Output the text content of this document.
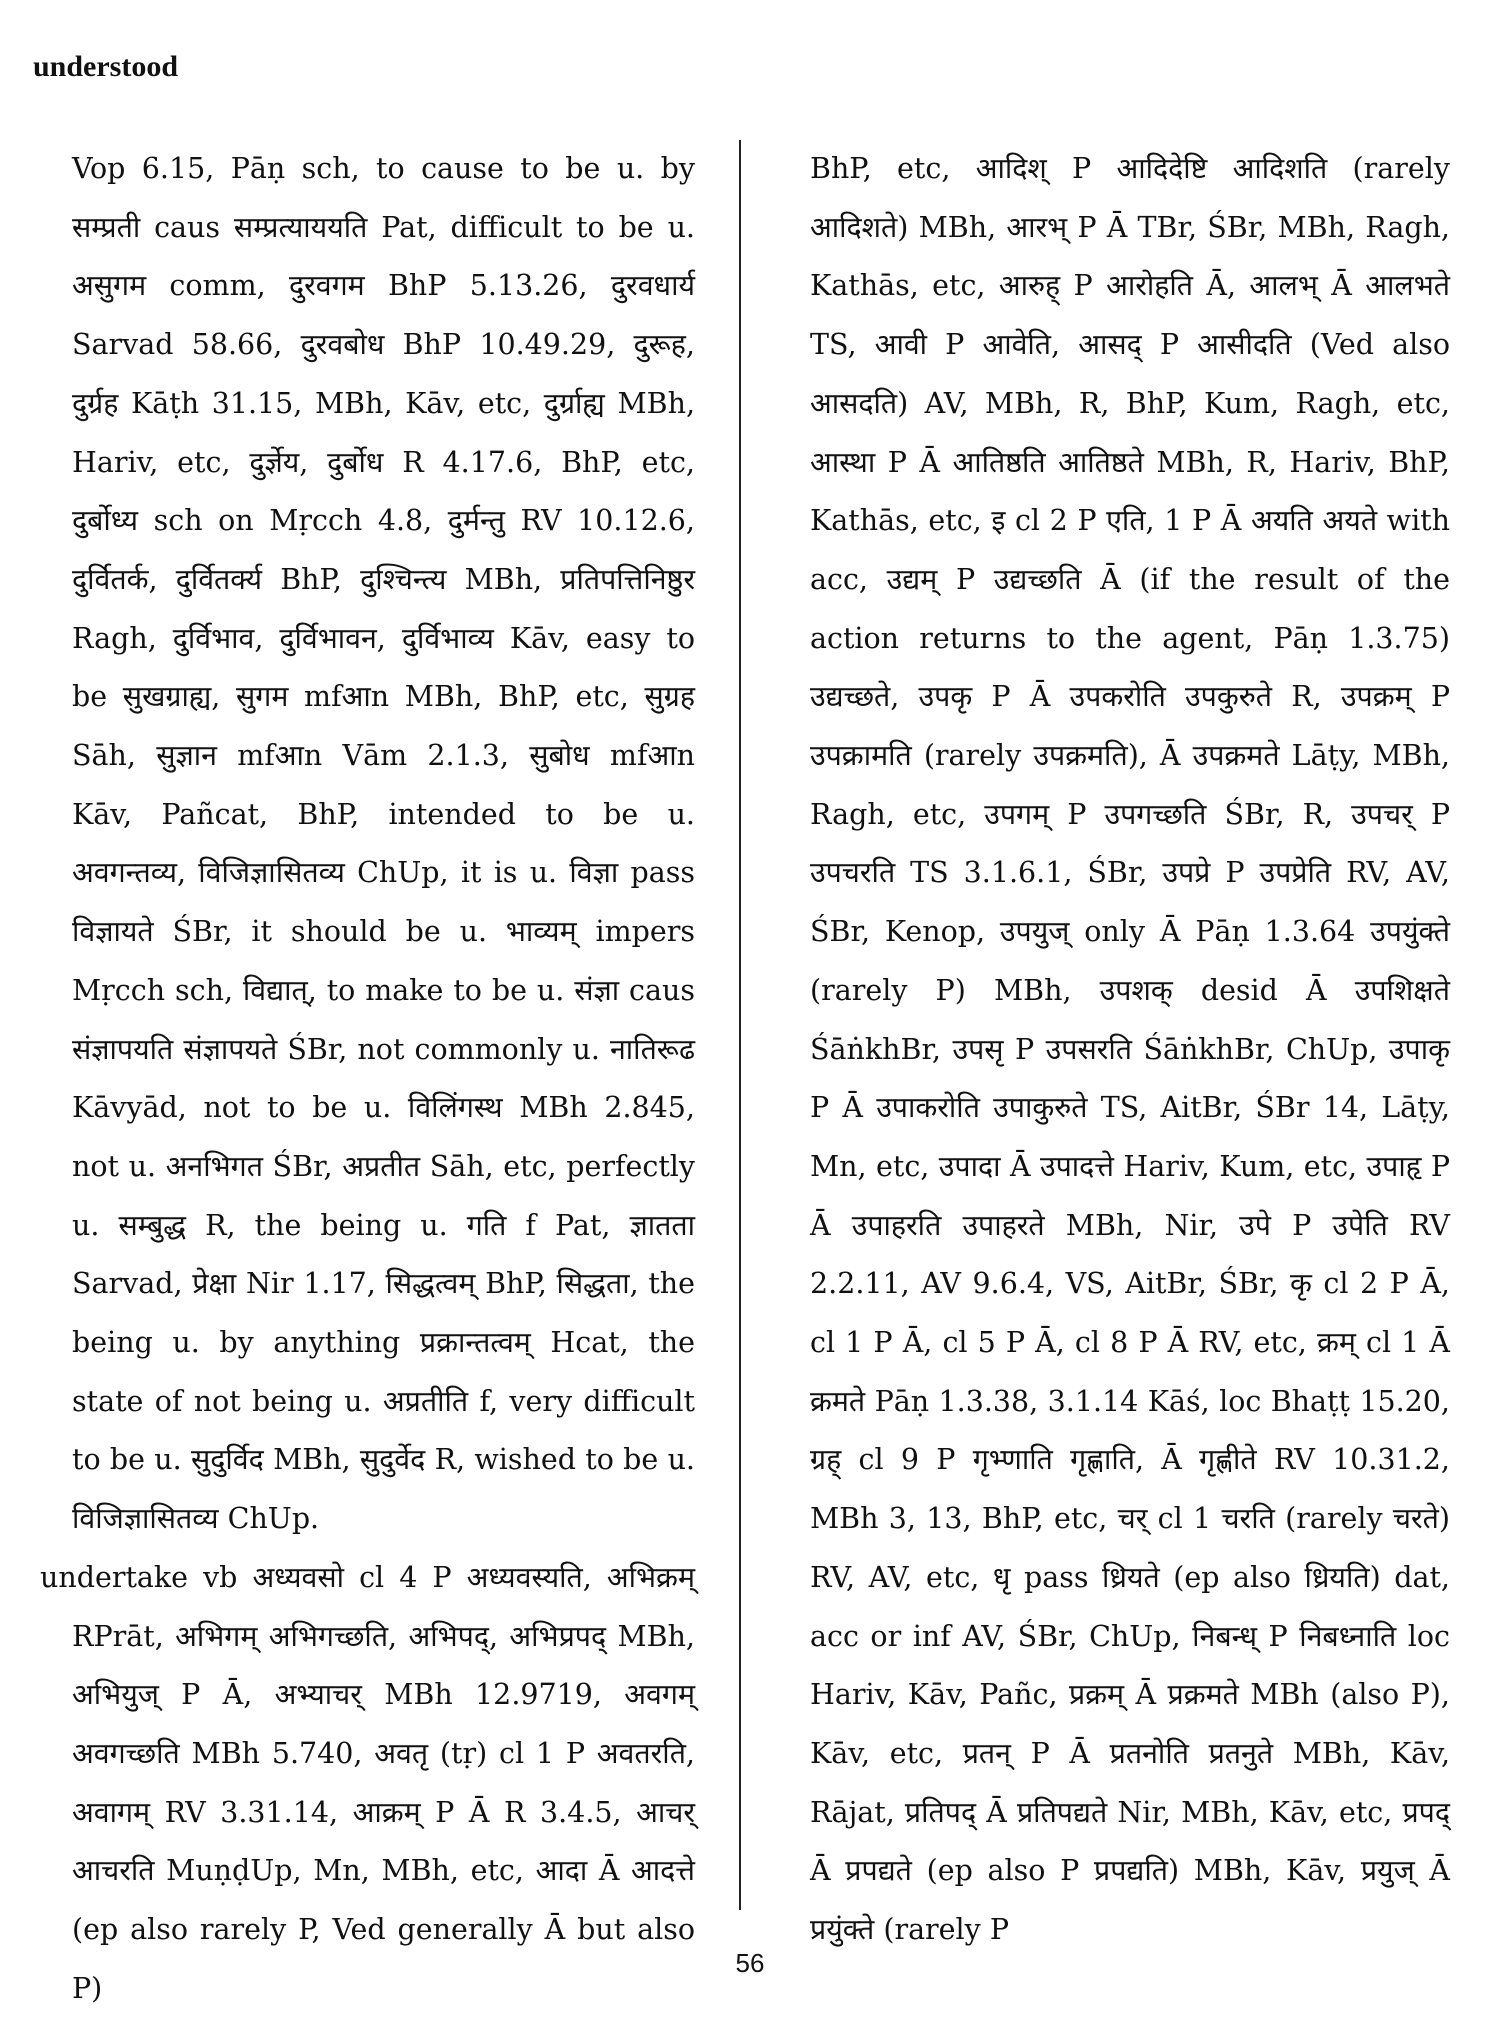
understood

Vop 6.15, Pāṇ sch, to cause to be u. by सम्प्रती caus सम्प्रत्याययति Pat, difficult to be u. असुगम comm, दुरवगम BhP 5.13.26, दुरवधार्य Sarvad 58.66, दुरवबोध BhP 10.49.29, दुरूह, दुर्ग्रह Kāṭh 31.15, MBh, Kāv, etc, दुर्ग्राह्य MBh, Hariv, etc, दुर्ज्ञेय, दुर्बोध R 4.17.6, BhP, etc, दुर्बोध्य sch on Mṛcch 4.8, दुर्मन्तु RV 10.12.6, दुर्वितर्क, दुर्वितर्क्य BhP, दुश्चिन्त्य MBh, प्रतिपत्तिनिष्ठुर Ragh, दुर्विभाव, दुर्विभावन, दुर्विभाव्य Kāv, easy to be सुखग्राह्य, सुगम mfआn MBh, BhP, etc, सुग्रह Sāh, सुज्ञान mfआn Vām 2.1.3, सुबोध mfआn Kāv, Pañcat, BhP, intended to be u. अवगन्तव्य, विजिज्ञासितव्य ChUp, it is u. विज्ञा pass विज्ञायते ŚBr, it should be u. भाव्यम् impers Mṛcch sch, विद्यात्, to make to be u. संज्ञा caus संज्ञापयति संज्ञापयते ŚBr, not commonly u. नातिरूढ Kāvyād, not to be u. विलिंगस्थ MBh 2.845, not u. अनभिगत ŚBr, अप्रतीत Sāh, etc, perfectly u. सम्बुद्ध R, the being u. गति f Pat, ज्ञातता Sarvad, प्रेक्षा Nir 1.17, सिद्धत्वम् BhP, सिद्धता, the being u. by anything प्रक्रान्तत्वम् Hcat, the state of not being u. अप्रतीति f, very difficult to be u. सुदुर्विद MBh, सुदुर्वेद R, wished to be u. विजिज्ञासितव्य ChUp.

undertake vb अध्यवसो cl 4 P अध्यवस्यति, अभिक्रम् RPrāt, अभिगम् अभिगच्छति, अभिपद्, अभिप्रपद् MBh, अभियुज् P Ā, अभ्याचर् MBh 12.9719, अवगम् अवगच्छति MBh 5.740, अवतृ (tṛ) cl 1 P अवतरति, अवागम् RV 3.31.14, आक्रम् P Ā R 3.4.5, आचर् आचरति MuṇḍUp, Mn, MBh, etc, आदा Ā आदत्ते (ep also rarely P, Ved generally Ā but also P)

BhP, etc, आदिश् P आदिदेष्टि आदिशति (rarely आदिशते) MBh, आरभ् P Ā TBr, ŚBr, MBh, Ragh, Kathās, etc, आरुह् P आरोहति Ā, आलभ् Ā आलभते TS, आवी P आवेति, आसद् P आसीदति (Ved also आसदति) AV, MBh, R, BhP, Kum, Ragh, etc, आस्था P Ā आतिष्ठति आतिष्ठते MBh, R, Hariv, BhP, Kathās, etc, इ cl 2 P एति, 1 P Ā अयति अयते with acc, उद्यम् P उद्यच्छति Ā (if the result of the action returns to the agent, Pāṇ 1.3.75) उद्यच्छते, उपकृ P Ā उपकरोति उपकुरुते R, उपक्रम् P उपक्रामति (rarely उपक्रमति), Ā उपक्रमते Lāṭy, MBh, Ragh, etc, उपगम् P उपगच्छति ŚBr, R, उपचर् P उपचरति TS 3.1.6.1, ŚBr, उपप्रे P उपप्रेति RV, AV, ŚBr, Kenop, उपयुज् only Ā Pāṇ 1.3.64 उपयुंक्ते (rarely P) MBh, उपशक् desid Ā उपशिक्षते ŚāṅkhBr, उपसृ P उपसरति ŚāṅkhBr, ChUp, उपाकृ P Ā उपाकरोति उपाकुरुते TS, AitBr, ŚBr 14, Lāṭy, Mn, etc, उपादा Ā उपादत्ते Hariv, Kum, etc, उपाहृ P Ā उपाहरति उपाहरते MBh, Nir, उपे P उपेति RV 2.2.11, AV 9.6.4, VS, AitBr, ŚBr, कृ cl 2 P Ā, cl 1 P Ā, cl 5 P Ā, cl 8 P Ā RV, etc, क्रम् cl 1 Ā क्रमते Pāṇ 1.3.38, 3.1.14 Kāś, loc Bhaṭṭ 15.20, ग्रह् cl 9 P गृभ्णाति गृह्णाति, Ā गृह्णीते RV 10.31.2, MBh 3, 13, BhP, etc, चर् cl 1 चरति (rarely चरते) RV, AV, etc, धृ pass ध्रियते (ep also ध्रियति) dat, acc or inf AV, ŚBr, ChUp, निबन्ध् P निबध्नाति loc Hariv, Kāv, Pañc, प्रक्रम् Ā प्रक्रमते MBh (also P), Kāv, etc, प्रतन् P Ā प्रतनोति प्रतनुते MBh, Kāv, Rājat, प्रतिपद् Ā प्रतिपद्यते Nir, MBh, Kāv, etc, प्रपद् Ā प्रपद्यते (ep also P प्रपद्यति) MBh, Kāv, प्रयुज् Ā प्रयुंक्ते (rarely P

56
